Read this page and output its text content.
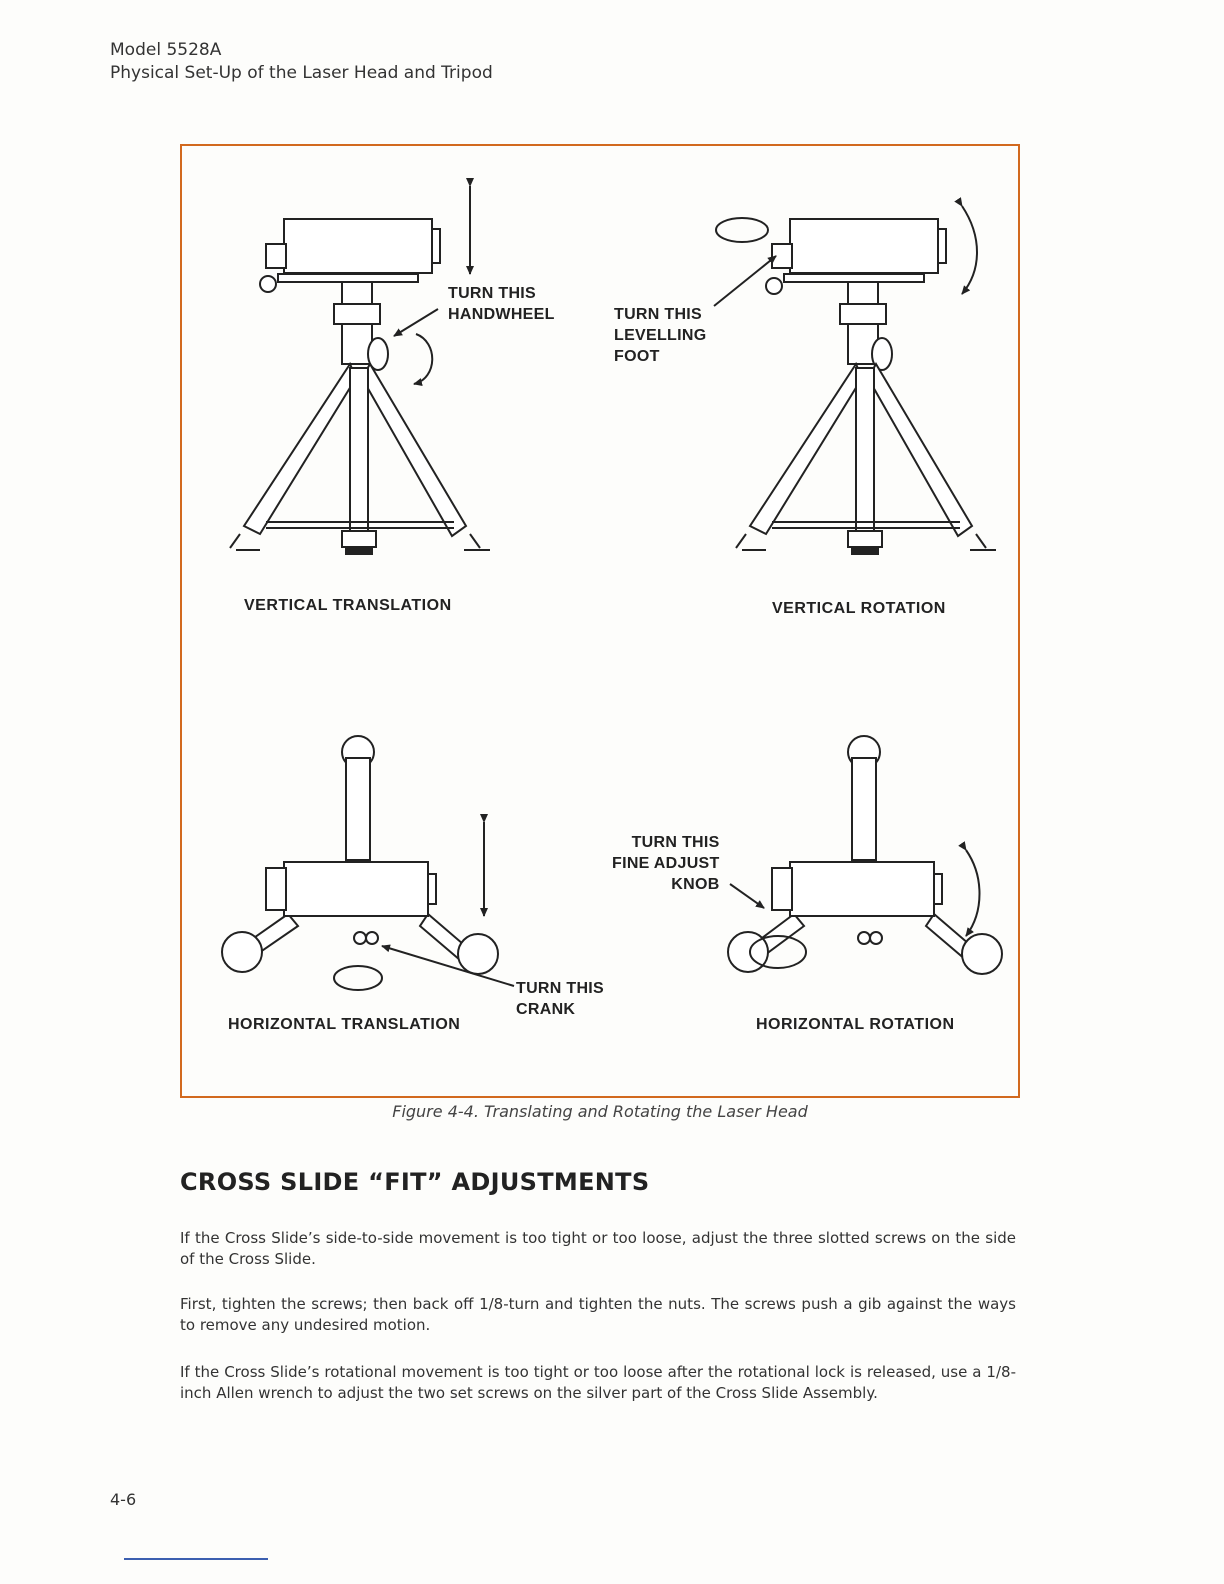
Model 5528A
Physical Set-Up of the Laser Head and Tripod
TURN THIS
HANDWHEEL	TURN THIS
LEVELLING
FOOT
TURN THIS
FINE ADJUST
KNOB
TURN THIS
CRANK
VERTICAL TRANSLATION	VERTICAL ROTATION
HORIZONTAL TRANSLATION	HORIZONTAL ROTATION
Figure 4-4. Translating and Rotating the Laser Head
CROSS SLIDE “FIT” ADJUSTMENTS

If the Cross Slide’s side-to-side movement is too tight or too loose, adjust the three slotted screws on the side of the Cross Slide.

First, tighten the screws; then back off 1/8-turn and tighten the nuts. The screws push a gib against the ways to remove any undesired motion.

If the Cross Slide’s rotational movement is too tight or too loose after the rotational lock is released, use a 1/8-inch Allen wrench to adjust the two set screws on the silver part of the Cross Slide Assembly.

4-6
